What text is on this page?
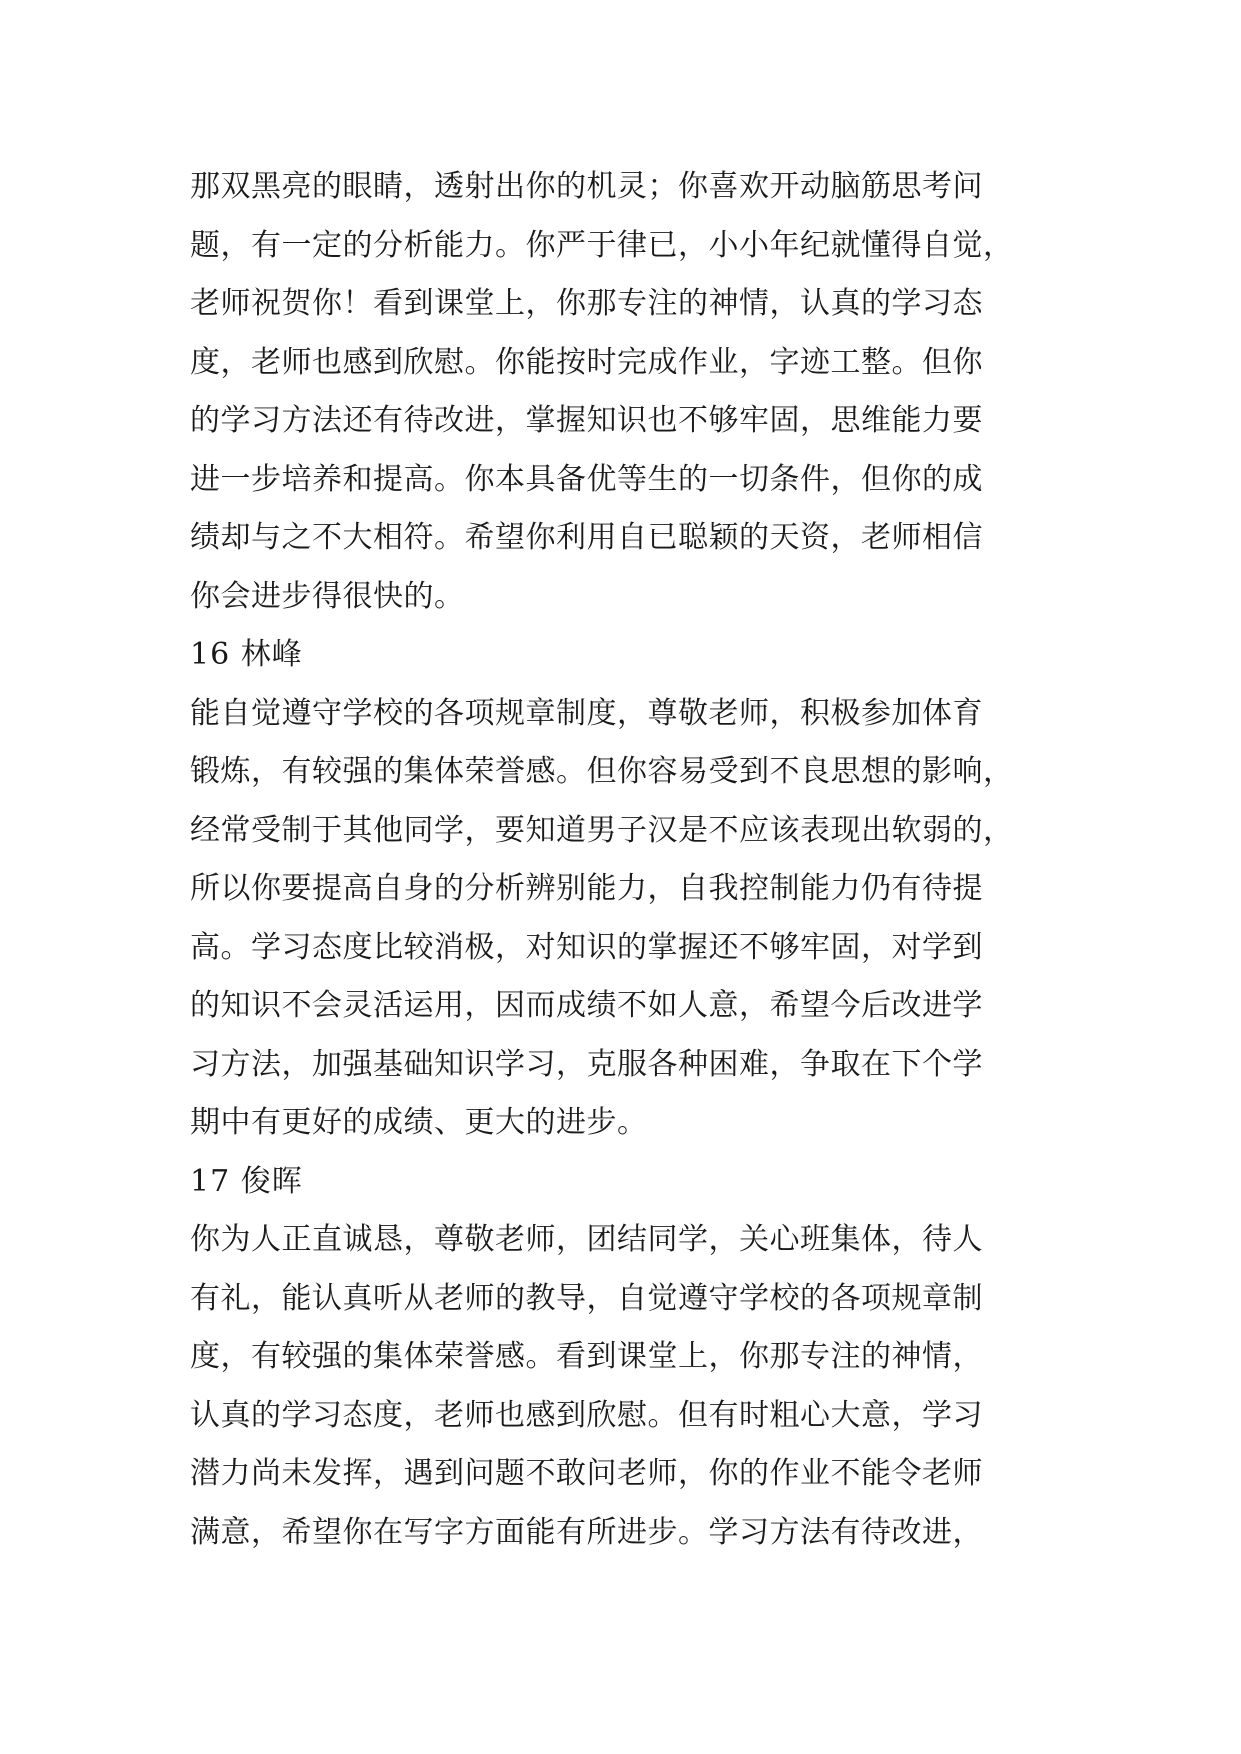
那双黑亮的眼睛，透射出你的机灵；你喜欢开动脑筋思考问
题，有一定的分析能力。你严于律已，小小年纪就懂得自觉，
老师祝贺你！看到课堂上，你那专注的神情，认真的学习态
度，老师也感到欣慰。你能按时完成作业，字迹工整。但你
的学习方法还有待改进，掌握知识也不够牢固，思维能力要
进一步培养和提高。你本具备优等生的一切条件，但你的成
绩却与之不大相符。希望你利用自已聪颖的天资，老师相信
你会进步得很快的。
16 林峰
能自觉遵守学校的各项规章制度，尊敬老师，积极参加体育
锻炼，有较强的集体荣誉感。但你容易受到不良思想的影响，
经常受制于其他同学，要知道男子汉是不应该表现出软弱的，
所以你要提高自身的分析辨别能力，自我控制能力仍有待提
高。学习态度比较消极，对知识的掌握还不够牢固，对学到
的知识不会灵活运用，因而成绩不如人意，希望今后改进学
习方法，加强基础知识学习，克服各种困难，争取在下个学
期中有更好的成绩、更大的进步。
17 俊晖
你为人正直诚恳，尊敬老师，团结同学，关心班集体，待人
有礼，能认真听从老师的教导，自觉遵守学校的各项规章制
度，有较强的集体荣誉感。看到课堂上，你那专注的神情，
认真的学习态度，老师也感到欣慰。但有时粗心大意，学习
潜力尚未发挥，遇到问题不敢问老师，你的作业不能令老师
满意，希望你在写字方面能有所进步。学习方法有待改进，
